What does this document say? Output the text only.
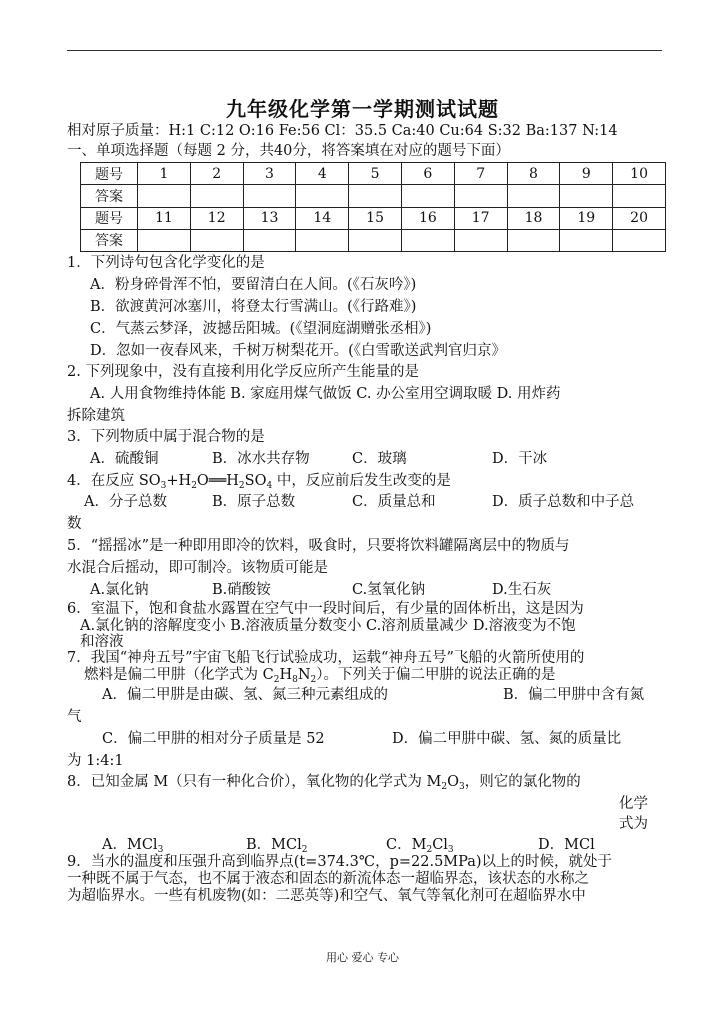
九年级化学第一学期测试试题
相对原子质量：H:1 C:12 O:16 Fe:56 Cl：35.5 Ca:40 Cu:64 S:32 Ba:137 N:14
一、单项选择题（每题 2 分，共40分，将答案填在对应的题号下面）
题号	1	2	3	4	5	6	7	8	9	10
答案										
题号	11	12	13	14	15	16	17	18	19	20
答案										
1．下列诗句包含化学变化的是
A．粉身碎骨浑不怕，要留清白在人间。(《石灰吟》)
B．欲渡黄河冰塞川，将登太行雪满山。(《行路难》)
C．气蒸云梦泽，波撼岳阳城。(《望洞庭湖赠张丞相》)
D．忽如一夜春风来，千树万树梨花开。(《白雪歌送武判官归京》
2. 下列现象中，没有直接利用化学反应所产生能量的是
A. 人用食物维持体能 B. 家庭用煤气做饭 C. 办公室用空调取暖 D. 用炸药
拆除建筑
3．下列物质中属于混合物的是
A．硫酸铜	B．冰水共存物	C．玻璃	D．干冰
4．在反应 $SO_3+H_2O══H_2SO_4$ 中，反应前后发生改变的是
A．分子总数	B．原子总数	C．质量总和	D．质子总数和中子总
数
5．“摇摇冰”是一种即用即冷的饮料，吸食时，只要将饮料罐隔离层中的物质与
水混合后摇动，即可制冷。该物质可能是
A.氯化钠	B.硝酸铵	C.氢氧化钠	D.生石灰
6．室温下，饱和食盐水露置在空气中一段时间后，有少量的固体析出，这是因为
A.氯化钠的溶解度变小 B.溶液质量分数变小 C.溶剂质量减少 D.溶液变为不饱
和溶液
7．我国“神舟五号”宇宙飞船飞行试验成功，运载“神舟五号”飞船的火箭所使用的
燃料是偏二甲肼（化学式为 $C_2H_8N_2$）。下列关于偏二甲肼的说法正确的是
A．偏二甲肼是由碳、氢、氮三种元素组成的	B．偏二甲肼中含有氮
气
C．偏二甲肼的相对分子质量是 52	D．偏二甲肼中碳、氢、氮的质量比
为 1:4:1
8．已知金属 M（只有一种化合价），氧化物的化学式为 $M_2O_3$，则它的氯化物的
化学
式为
A．MCl$_3$	B．MCl$_2$	C．$M_2Cl_3$	D．MCl
9．当水的温度和压强升高到临界点(t=374.3℃，p=22.5MPa)以上的时候，就处于
一种既不属于气态，也不属于液态和固态的新流体态一超临界态，该状态的水称之
为超临界水。一些有机废物(如：二恶英等)和空气、氧气等氧化剂可在超临界水中
用心 爱心 专心
